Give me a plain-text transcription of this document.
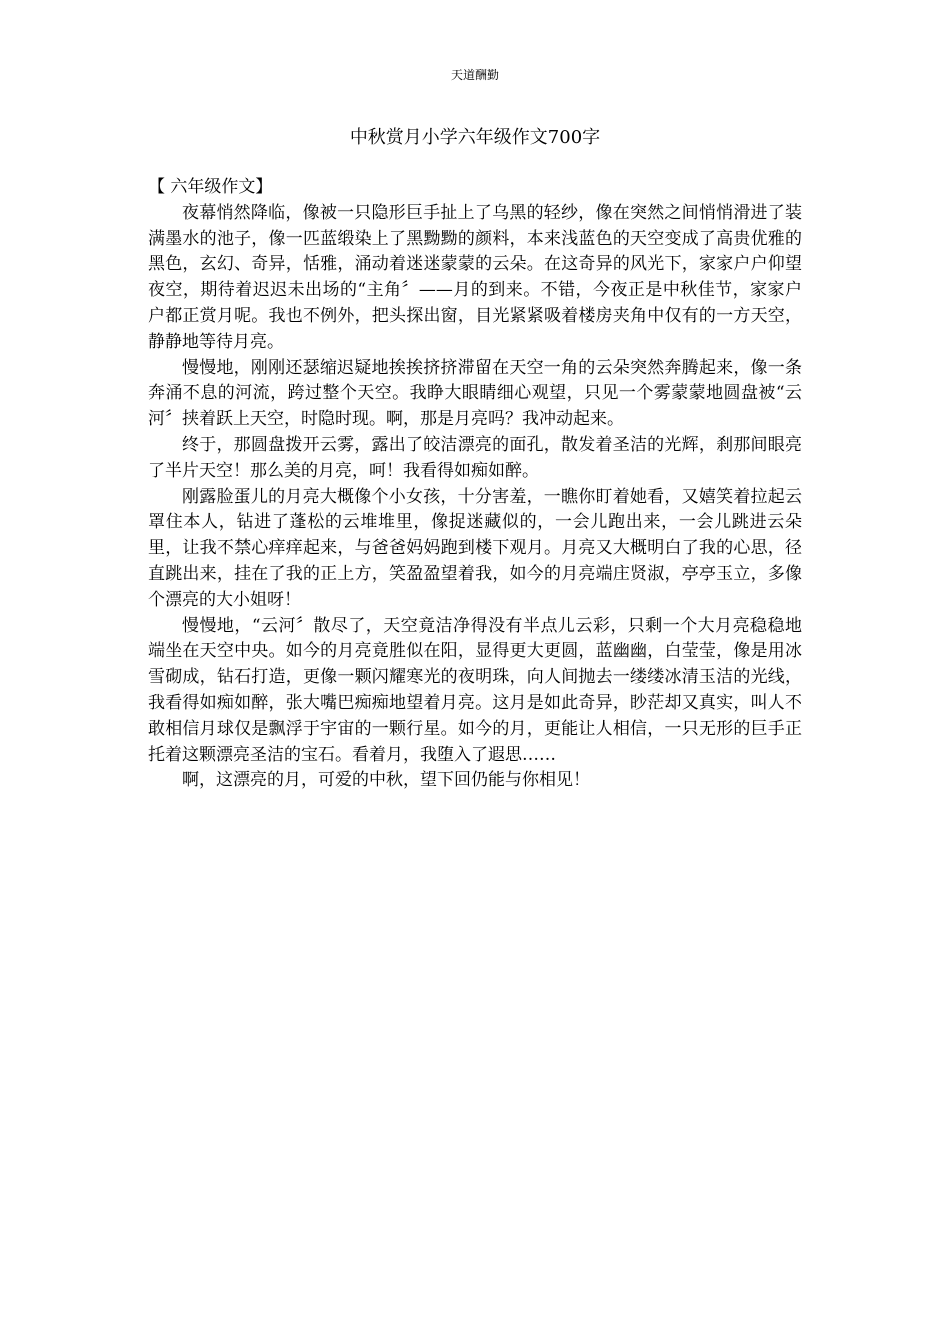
天道酬勤
中秋赏月小学六年级作文700字

【 六年级作文】

夜幕悄然降临，像被一只隐形巨手扯上了乌黑的轻纱，像在突然之间悄悄滑进了装满墨水的池子，像一匹蓝缎染上了黑黝黝的颜料，本来浅蓝色的天空变成了高贵优雅的黑色，玄幻、奇异，恬雅，涌动着迷迷蒙蒙的云朵。在这奇异的风光下，家家户户仰望夜空，期待着迟迟未出场的“主角〞——月的到来。不错，今夜正是中秋佳节，家家户户都正赏月呢。我也不例外，把头探出窗，目光紧紧吸着楼房夹角中仅有的一方天空，静静地等待月亮。

慢慢地，刚刚还瑟缩迟疑地挨挨挤挤滞留在天空一角的云朵突然奔腾起来，像一条奔涌不息的河流，跨过整个天空。我睁大眼睛细心观望，只见一个雾蒙蒙地圆盘被“云河〞挟着跃上天空，时隐时现。啊，那是月亮吗？我冲动起来。

终于，那圆盘拨开云雾，露出了皎洁漂亮的面孔，散发着圣洁的光辉，刹那间眼亮了半片天空！那么美的月亮，呵！我看得如痴如醉。

刚露脸蛋儿的月亮大概像个小女孩，十分害羞，一瞧你盯着她看，又嬉笑着拉起云罩住本人，钻进了蓬松的云堆堆里，像捉迷藏似的，一会儿跑出来，一会儿跳进云朵里，让我不禁心痒痒起来，与爸爸妈妈跑到楼下观月。月亮又大概明白了我的心思，径直跳出来，挂在了我的正上方，笑盈盈望着我，如今的月亮端庄贤淑，亭亭玉立，多像个漂亮的大小姐呀！

慢慢地，“云河〞散尽了，天空竟洁净得没有半点儿云彩，只剩一个大月亮稳稳地端坐在天空中央。如今的月亮竟胜似在阳，显得更大更圆，蓝幽幽，白莹莹，像是用冰雪砌成，钻石打造，更像一颗闪耀寒光的夜明珠，向人间抛去一缕缕冰清玉洁的光线，我看得如痴如醉，张大嘴巴痴痴地望着月亮。这月是如此奇异，眇茫却又真实，叫人不敢相信月球仅是飘浮于宇宙的一颗行星。如今的月，更能让人相信，一只无形的巨手正托着这颗漂亮圣洁的宝石。看着月，我堕入了遐思……

啊，这漂亮的月，可爱的中秋，望下回仍能与你相见！
